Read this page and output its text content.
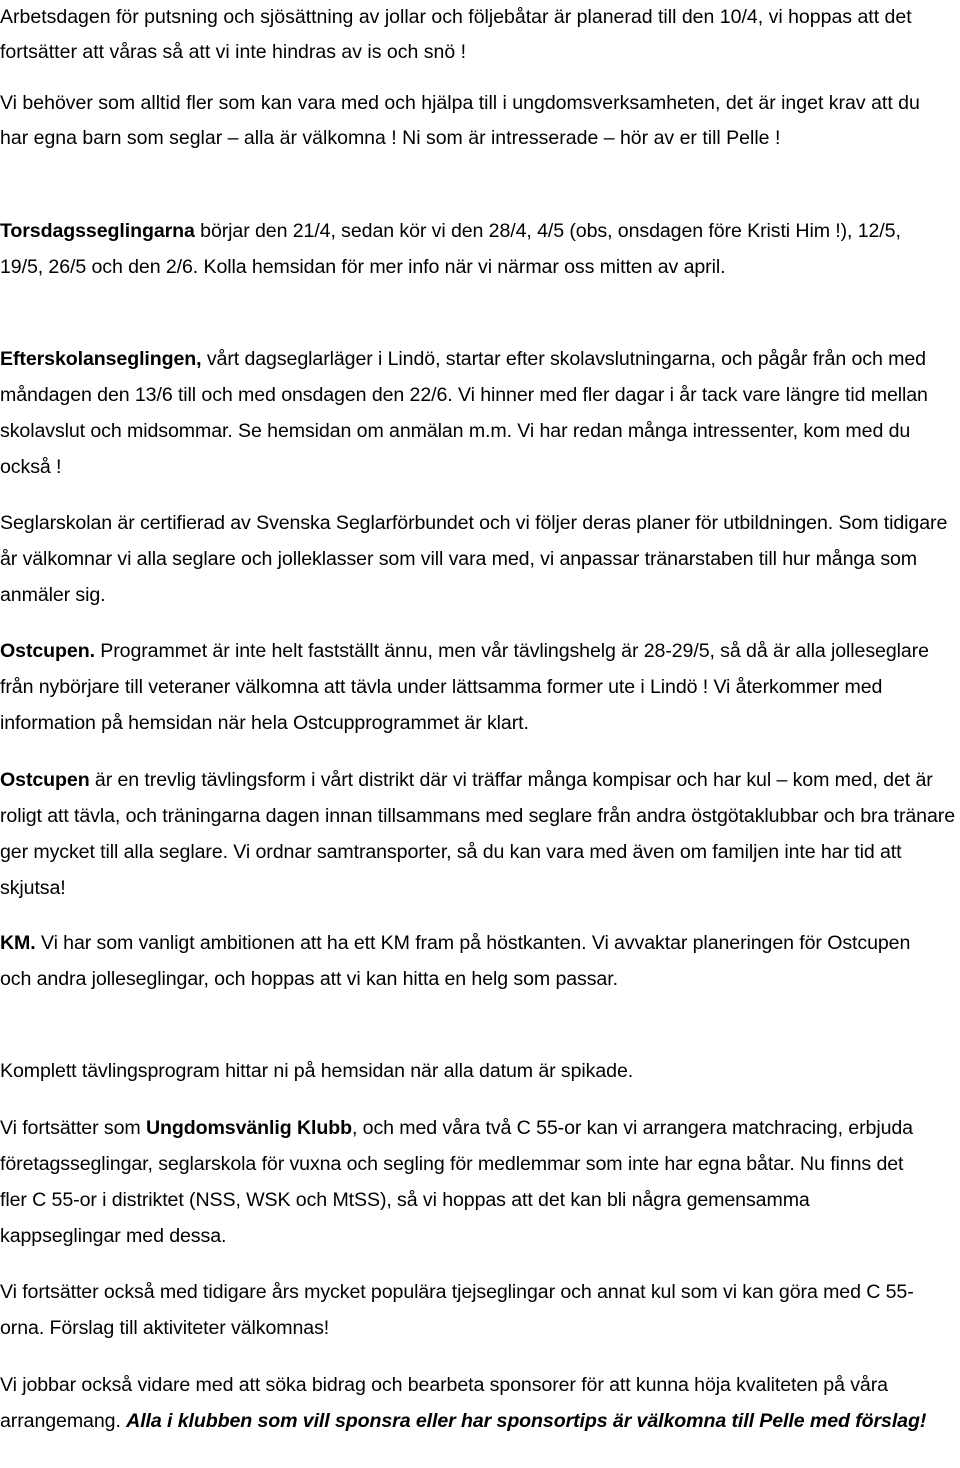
Arbetsdagen för putsning och sjösättning av jollar och följebåtar är planerad till den 10/4, vi hoppas att det fortsätter att våras så att vi inte hindras av is och snö !

Vi behöver som alltid fler som kan vara med och hjälpa till i ungdomsverksamheten, det är inget krav att du har egna barn som seglar – alla är välkomna ! Ni som är intresserade – hör av er till Pelle !

Torsdagsseglingarna börjar den 21/4, sedan kör vi den 28/4, 4/5 (obs, onsdagen före Kristi Him !), 12/5, 19/5, 26/5 och den 2/6. Kolla hemsidan för mer info när vi närmar oss mitten av april.

Efterskolanseglingen, vårt dagseglarläger i Lindö, startar efter skolavslutningarna, och pågår från och med måndagen den 13/6 till och med onsdagen den 22/6. Vi hinner med fler dagar i år tack vare längre tid mellan skolavslut och midsommar. Se hemsidan om anmälan m.m. Vi har redan många intressenter, kom med du också !

Seglarskolan är certifierad av Svenska Seglarförbundet och vi följer deras planer för utbildningen. Som tidigare år välkomnar vi alla seglare och jolleklasser som vill vara med, vi anpassar tränarstaben till hur många som anmäler sig.

Ostcupen. Programmet är inte helt fastställt ännu, men vår tävlingshelg är 28-29/5, så då är alla jolleseglare från nybörjare till veteraner välkomna att tävla under lättsamma former ute i Lindö ! Vi återkommer med information på hemsidan när hela Ostcupprogrammet är klart.

Ostcupen är en trevlig tävlingsform i vårt distrikt där vi träffar många kompisar och har kul – kom med, det är roligt att tävla, och träningarna dagen innan tillsammans med seglare från andra östgötaklubbar och bra tränare ger mycket till alla seglare. Vi ordnar samtransporter, så du kan vara med även om familjen inte har tid att skjutsa!

KM. Vi har som vanligt ambitionen att ha ett KM fram på höstkanten. Vi avvaktar planeringen för Ostcupen och andra jolleseglingar, och hoppas att vi kan hitta en helg som passar.

Komplett tävlingsprogram hittar ni på hemsidan när alla datum är spikade.

Vi fortsätter som Ungdomsvänlig Klubb, och med våra två C 55-or kan vi arrangera matchracing, erbjuda företagsseglingar, seglarskola för vuxna och segling för medlemmar som inte har egna båtar. Nu finns det fler C 55-or i distriktet (NSS, WSK och MtSS), så vi hoppas att det kan bli några gemensamma kappseglingar med dessa.

Vi fortsätter också med tidigare års mycket populära tjejseglingar och annat kul som vi kan göra med C 55-orna. Förslag till aktiviteter välkomnas!

Vi jobbar också vidare med att söka bidrag och bearbeta sponsorer för att kunna höja kvaliteten på våra arrangemang. Alla i klubben som vill sponsra eller har sponsortips är välkomna till Pelle med förslag!
